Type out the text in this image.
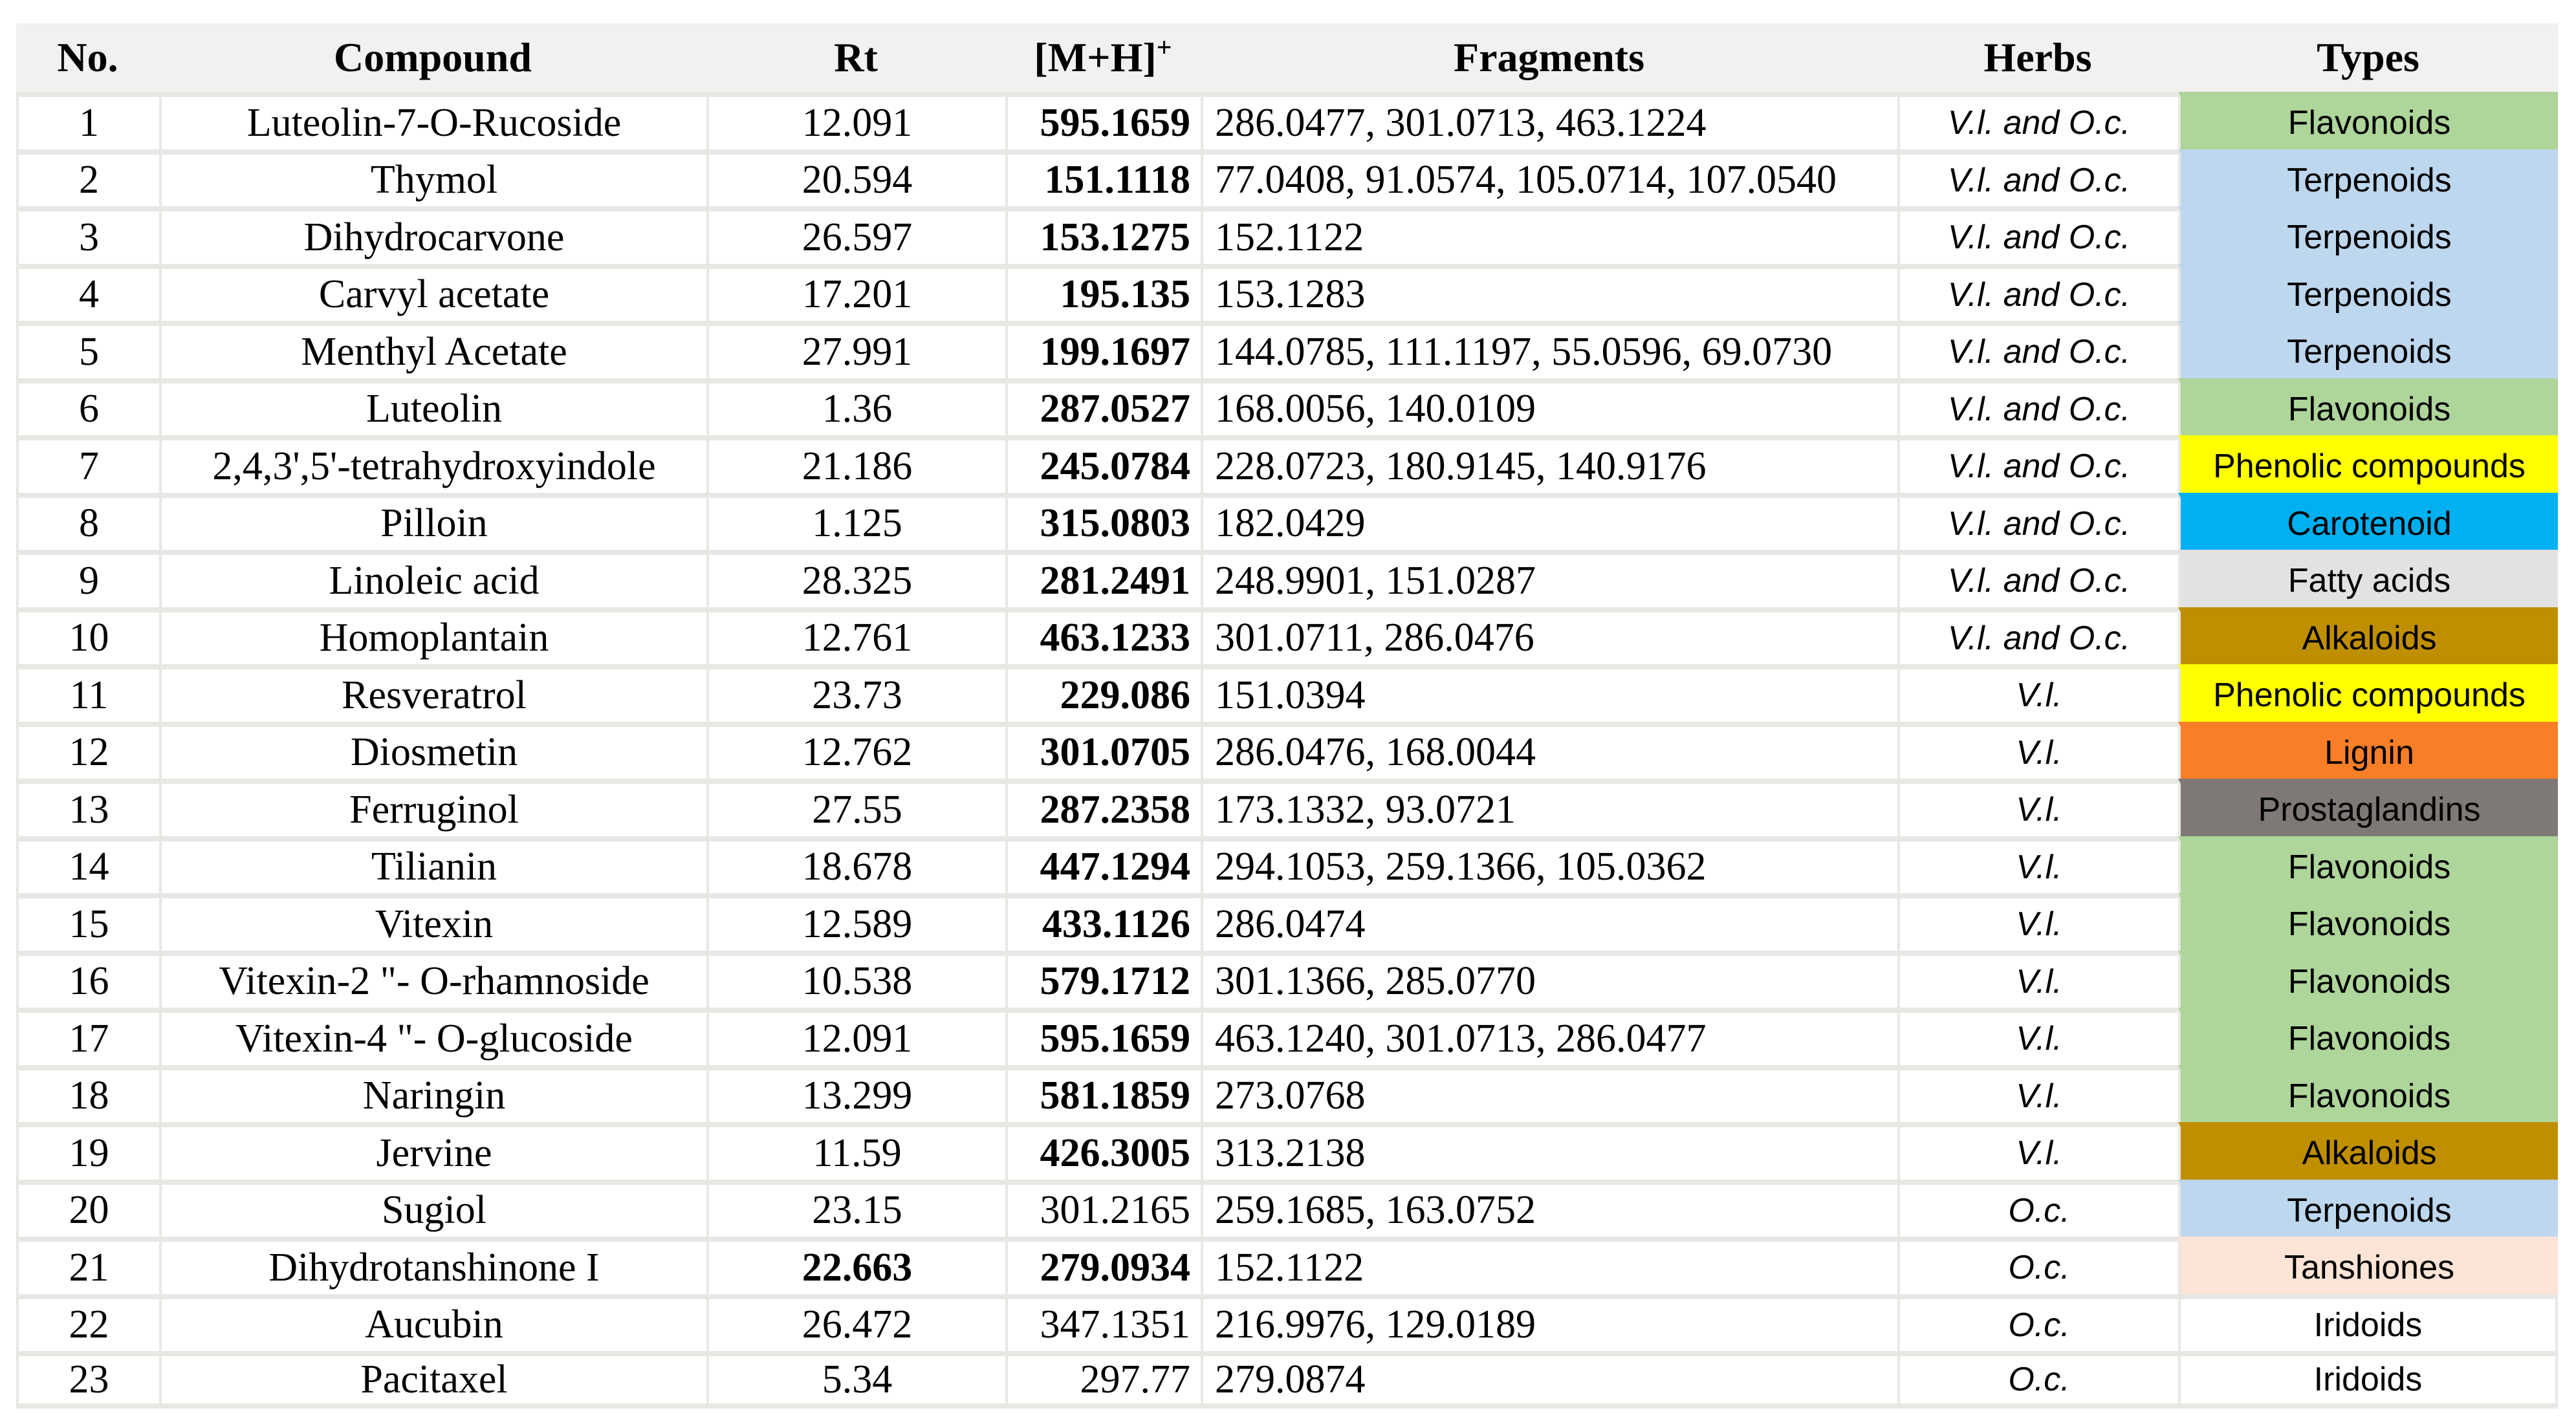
No.	Compound	Rt	[M+H]+	Fragments	Herbs	Types
1	Luteolin-7-O-Rucoside	12.091	595.1659	286.0477, 301.0713, 463.1224	V.l. and O.c.	Flavonoids
2	Thymol	20.594	151.1118	77.0408, 91.0574, 105.0714, 107.0540	V.l. and O.c.	Terpenoids
3	Dihydrocarvone	26.597	153.1275	152.1122	V.l. and O.c.	Terpenoids
4	Carvyl acetate	17.201	195.135	153.1283	V.l. and O.c.	Terpenoids
5	Menthyl Acetate	27.991	199.1697	144.0785, 111.1197, 55.0596, 69.0730	V.l. and O.c.	Terpenoids
6	Luteolin	1.36	287.0527	168.0056, 140.0109	V.l. and O.c.	Flavonoids
7	2,4,3',5'-tetrahydroxyindole	21.186	245.0784	228.0723, 180.9145, 140.9176	V.l. and O.c.	Phenolic compounds
8	Pilloin	1.125	315.0803	182.0429	V.l. and O.c.	Carotenoid
9	Linoleic acid	28.325	281.2491	248.9901, 151.0287	V.l. and O.c.	Fatty acids
10	Homoplantain	12.761	463.1233	301.0711, 286.0476	V.l. and O.c.	Alkaloids
11	Resveratrol	23.73	229.086	151.0394	V.l.	Phenolic compounds
12	Diosmetin	12.762	301.0705	286.0476, 168.0044	V.l.	Lignin
13	Ferruginol	27.55	287.2358	173.1332, 93.0721	V.l.	Prostaglandins
14	Tilianin	18.678	447.1294	294.1053, 259.1366, 105.0362	V.l.	Flavonoids
15	Vitexin	12.589	433.1126	286.0474	V.l.	Flavonoids
16	Vitexin-2 "- O-rhamnoside	10.538	579.1712	301.1366, 285.0770	V.l.	Flavonoids
17	Vitexin-4 "- O-glucoside	12.091	595.1659	463.1240, 301.0713, 286.0477	V.l.	Flavonoids
18	Naringin	13.299	581.1859	273.0768	V.l.	Flavonoids
19	Jervine	11.59	426.3005	313.2138	V.l.	Alkaloids
20	Sugiol	23.15	301.2165	259.1685, 163.0752	O.c.	Terpenoids
21	Dihydrotanshinone I	22.663	279.0934	152.1122	O.c.	Tanshiones
22	Aucubin	26.472	347.1351	216.9976, 129.0189	O.c.	Iridoids
23	Pacitaxel	5.34	297.77	279.0874	O.c.	Iridoids
